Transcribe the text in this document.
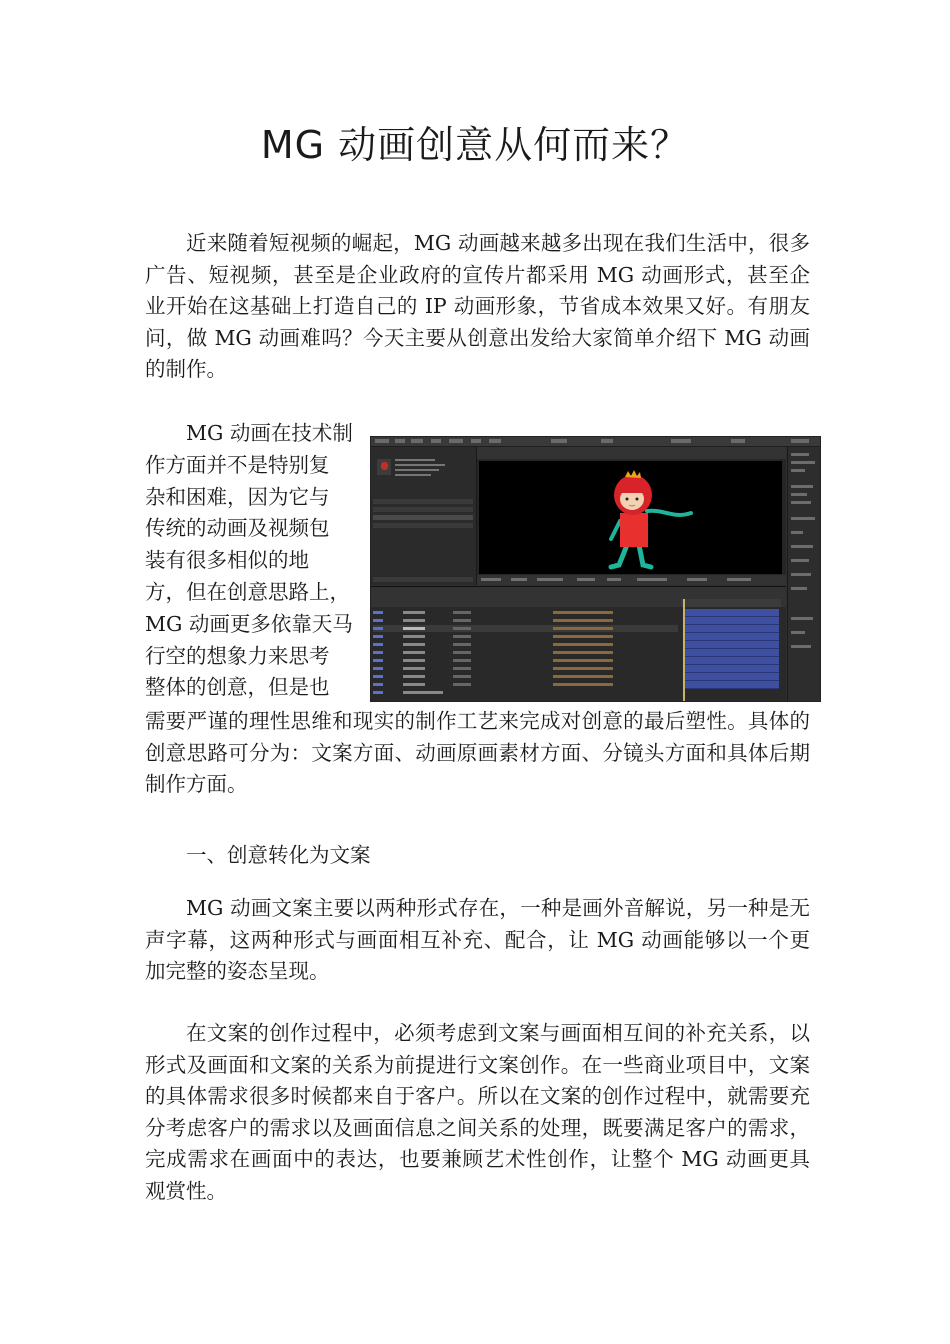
MG 动画创意从何而来？

近来随着短视频的崛起，MG 动画越来越多出现在我们生活中，很多广告、短视频，甚至是企业政府的宣传片都采用 MG 动画形式，甚至企业开始在这基础上打造自己的 IP 动画形象，节省成本效果又好。有朋友问，做 MG 动画难吗？今天主要从创意出发给大家简单介绍下 MG 动画的制作。

MG 动画在技术制
作方面并不是特别复
杂和困难，因为它与
传统的动画及视频包
装有很多相似的地
方，但在创意思路上，
MG 动画更多依靠天马
行空的想象力来思考
整体的创意，但是也

需要严谨的理性思维和现实的制作工艺来完成对创意的最后塑性。具体的创意思路可分为：文案方面、动画原画素材方面、分镜头方面和具体后期制作方面。

一、创意转化为文案

MG 动画文案主要以两种形式存在，一种是画外音解说，另一种是无声字幕，这两种形式与画面相互补充、配合，让 MG 动画能够以一个更加完整的姿态呈现。

在文案的创作过程中，必须考虑到文案与画面相互间的补充关系，以形式及画面和文案的关系为前提进行文案创作。在一些商业项目中，文案的具体需求很多时候都来自于客户。所以在文案的创作过程中，就需要充分考虑客户的需求以及画面信息之间关系的处理，既要满足客户的需求，完成需求在画面中的表达，也要兼顾艺术性创作，让整个 MG 动画更具观赏性。
